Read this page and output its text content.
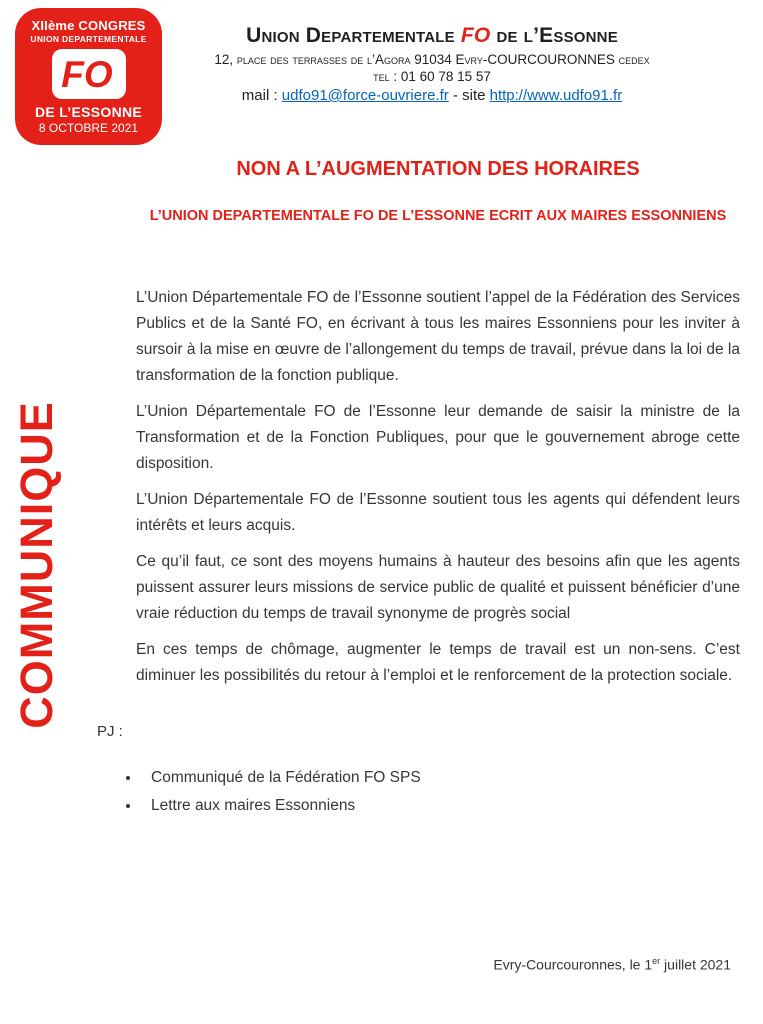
XIIème CONGRES
UNION DEPARTEMENTALE
FO
DE L’ESSONNE
8 OCTOBRE 2021
Union Departementale FO de l’Essonne
12, place des terrasses de l’Agora 91034 Evry-COURCOURONNES cedex
tel : 01 60 78 15 57
mail : udfo91@force-ouvriere.fr - site http://www.udfo91.fr
COMMUNIQUE
NON A L’AUGMENTATION DES HORAIRES
L’UNION DEPARTEMENTALE FO DE L’ESSONNE ECRIT AUX MAIRES ESSONNIENS

L’Union Départementale FO de l’Essonne soutient l’appel de la Fédération des Services Publics et de la Santé FO, en écrivant à tous les maires Essonniens pour les inviter à sursoir à la mise en œuvre de l’allongement du temps de travail, prévue dans la loi de la transformation de la fonction publique.

L’Union Départementale FO de l’Essonne leur demande de saisir la ministre de la Transformation et de la Fonction Publiques, pour que le gouvernement abroge cette disposition.

L’Union Départementale FO de l’Essonne soutient tous les agents qui défendent leurs intérêts et leurs acquis.

Ce qu’il faut, ce sont des moyens humains à hauteur des besoins afin que les agents puissent assurer leurs missions de service public de qualité et puissent bénéficier d’une vraie réduction du temps de travail synonyme de progrès social

En ces temps de chômage, augmenter le temps de travail est un non-sens. C’est diminuer les possibilités du retour à l’emploi et le renforcement de la protection sociale.

PJ :
• Communiqué de la Fédération FO SPS
• Lettre aux maires Essonniens
Evry-Courcouronnes, le 1er juillet 2021
